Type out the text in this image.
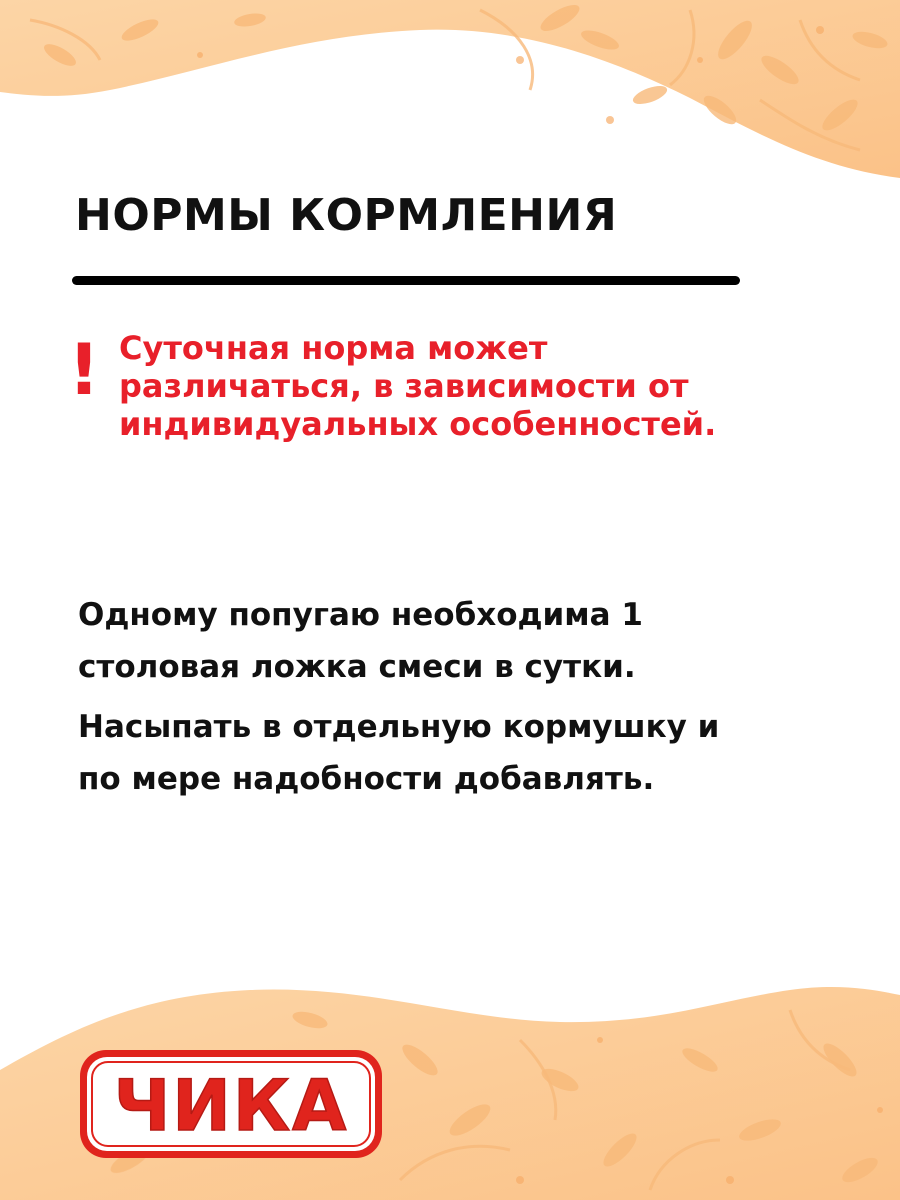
НОРМЫ КОРМЛЕНИЯ
! Суточная норма может
различаться, в зависимости от
индивидуальных особенностей.
Одному попугаю необходима 1
столовая ложка смеси в сутки.
Насыпать в отдельную кормушку и
по мере надобности добавлять.
ЧИКА
